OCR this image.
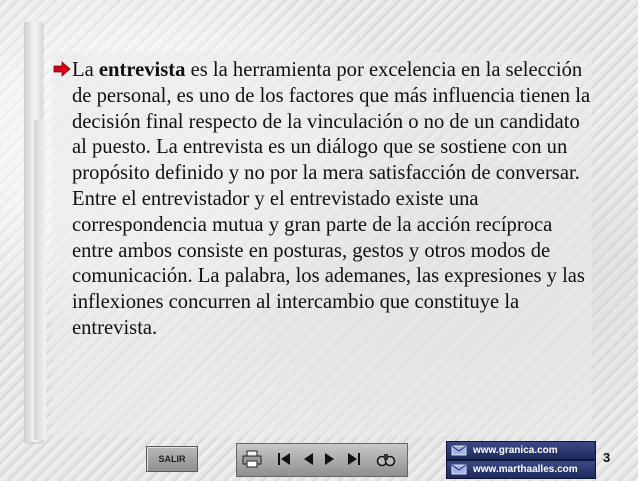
La entrevista es la herramienta por excelencia en la selección de personal, es uno de los factores que más influencia tienen la decisión final respecto de la vinculación o no de un candidato al puesto. La entrevista es un diálogo que se sostiene con un propósito definido y no por la mera satisfacción de conversar. Entre el entrevistador y el entrevistado existe una correspondencia mutua y gran parte de la acción recíproca entre ambos consiste en posturas, gestos y otros modos de comunicación. La palabra, los ademanes, las expresiones y las inflexiones concurren al intercambio que constituye la entrevista.
SALIR
www.granica.com
www.marthaalles.com
3
